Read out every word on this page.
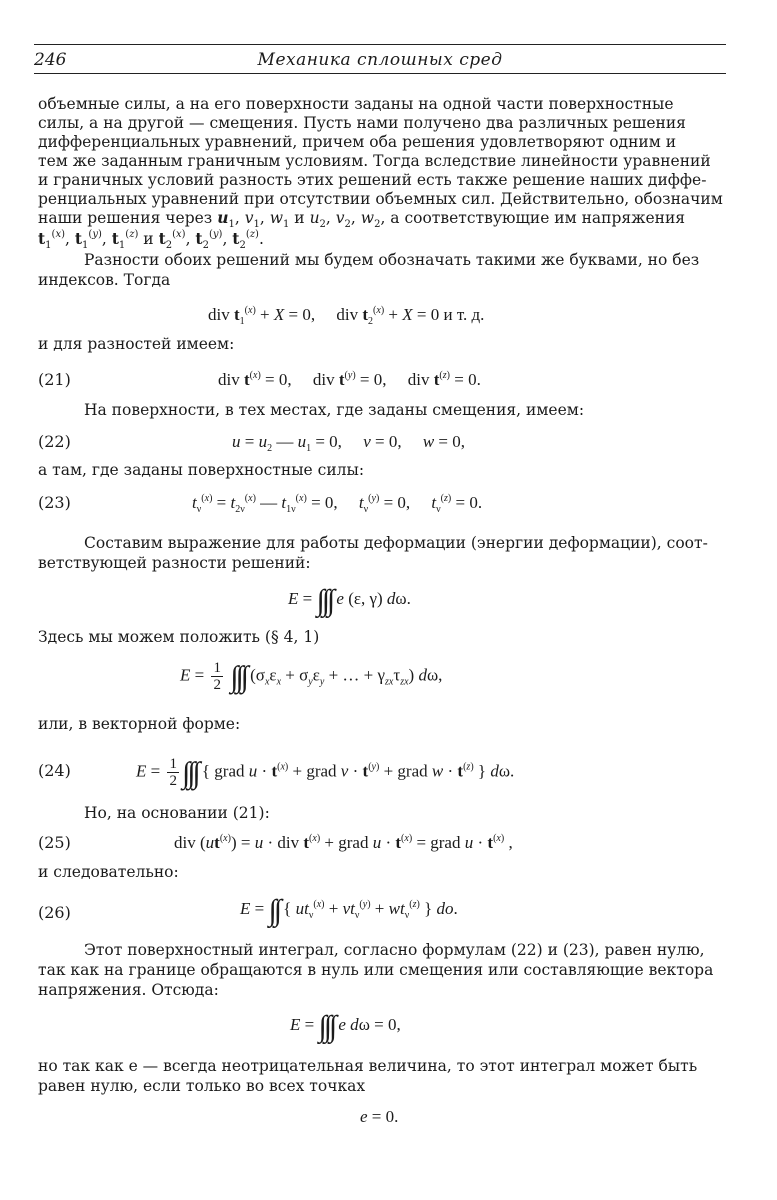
246	Механика сплошных сред
объемные силы, а на его поверхности заданы на одной части поверхностные
силы, а на другой — смещения. Пусть нами получено два различных решения
дифференциальных уравнений, причем оба решения удовлетворяют одним и
тем же заданным граничным условиям. Тогда вследствие линейности уравнений
и граничных условий разность этих решений есть также решение наших диффе-
ренциальных уравнений при отсутствии объемных сил. Действительно, обозначим
наши решения через $u_1$, $v_1$, $w_1$ и $u_2$, $v_2$, $w_2$, а соответствующие им напряжения
$t_1^{(x)}$, $t_1^{(y)}$, $t_1^{(z)}$ и $t_2^{(x)}$, $t_2^{(y)}$, $t_2^{(z)}$.
Разности обоих решений мы будем обозначать такими же буквами, но без
индексов. Тогда
div $t_1^{(x)} + X = 0$,     div $t_2^{(x)} + X = 0$ и т. д.
и для разностей имеем:
(21)	div $t^{(x)} = 0$,     div $t^{(y)} = 0$,     div $t^{(z)} = 0$.
На поверхности, в тех местах, где заданы смещения, имеем:
(22)	$u = u_2$ — $u_1 = 0$,     v = 0,     w = 0,
а там, где заданы поверхностные силы:
(23)	$t_\nu^{(x)} = t_{2\nu}^{(x)}$ — $t_{1\nu}^{(x)} = 0$,     $t_\nu^{(y)} = 0$,     $t_\nu^{(z)} = 0$.
Составим выражение для работы деформации (энергии деформации), соот-
ветствующей разности решений:
E = ∫∫∫ e (ε, γ) dω.
Здесь мы можем положить (§ 4, 1)
$E = \frac{1}{2}$ ∫∫∫ ($\sigma_x\varepsilon_x + \sigma_y\varepsilon_y$ + … + $\gamma_{zx}\tau_{zx}$) dω,
или, в векторной форме:
(24)	$E = \frac{1}{2}$ ∫∫∫ { grad $u \cdot t^{(x)}$ + grad $v \cdot t^{(y)}$ + grad $w \cdot t^{(z)}$ } dω.
Но, на основании (21):
(25)	div $(ut^{(x)}) = u$ · div $t^{(x)}$ + grad $u \cdot t^{(x)}$ = grad $u \cdot t^{(x)}$ ,
и следовательно:
(26)	E = ∫∫ { $ut_\nu^{(x)} + vt_\nu^{(y)} + wt_\nu^{(z)}$ } do.
Этот поверхностный интеграл, согласно формулам (22) и (23), равен нулю,
так как на границе обращаются в нуль или смещения или составляющие вектора
напряжения. Отсюда:
E = ∫∫∫ e dω = 0,
но так как e — всегда неотрицательная величина, то этот интеграл может быть
равен нулю, если только во всех точках
e = 0.
